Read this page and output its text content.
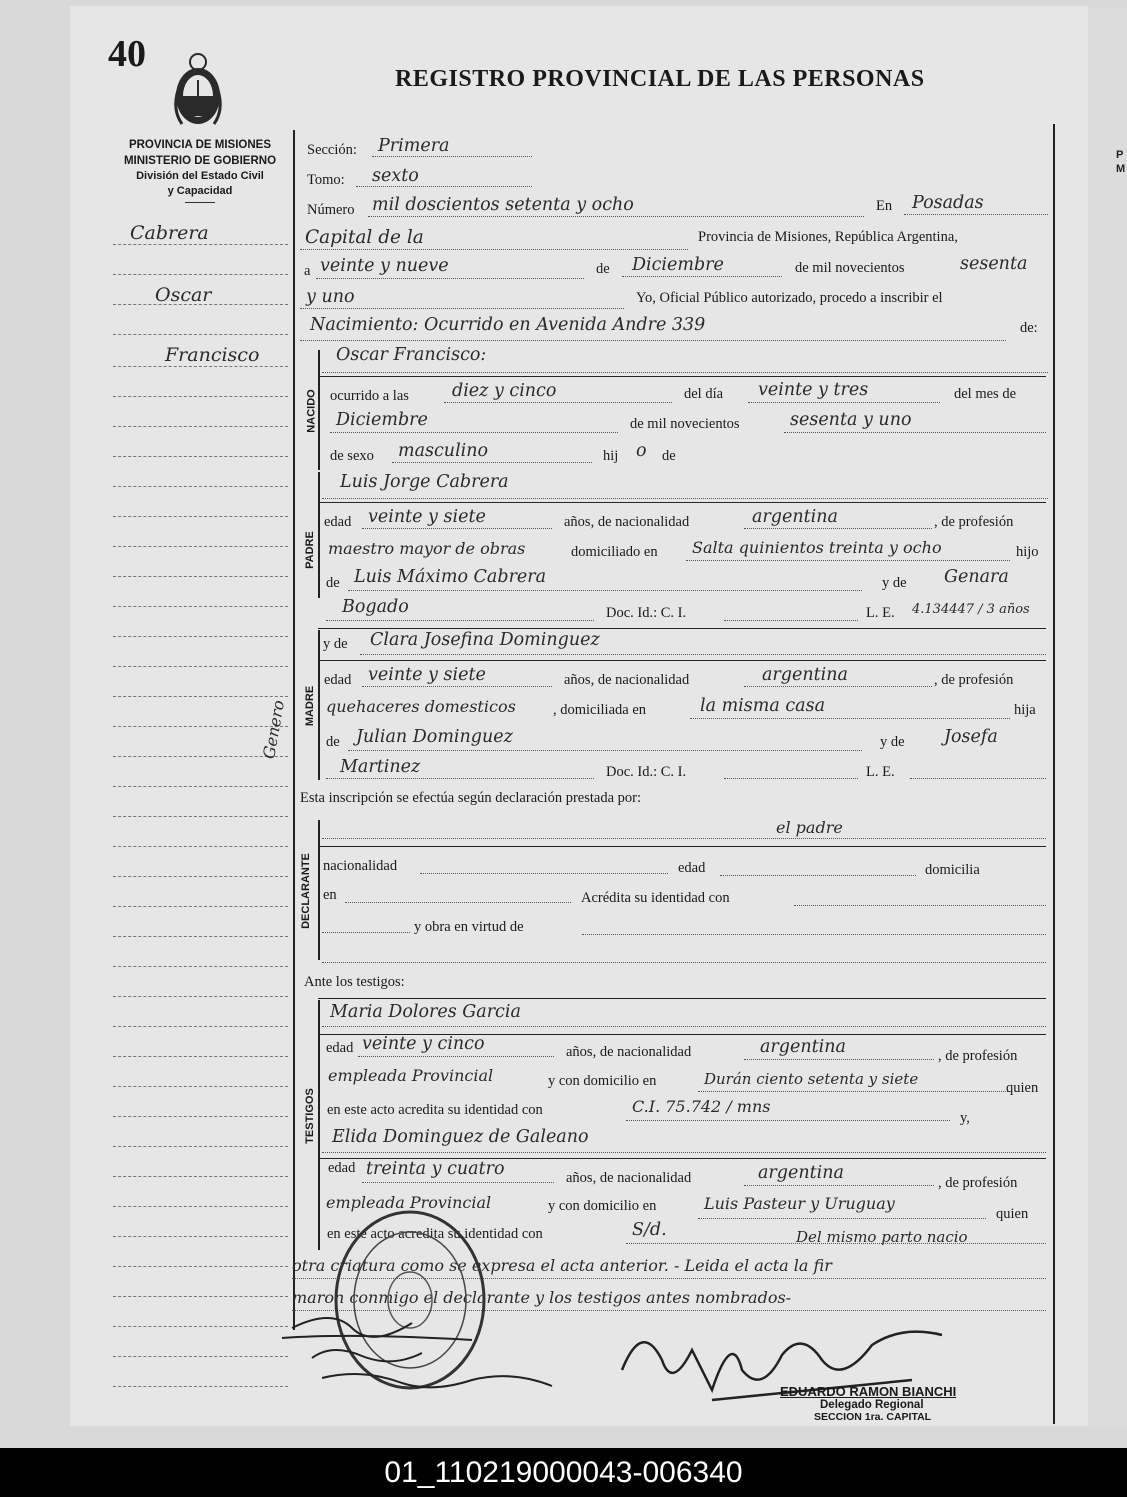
P
M
40
REGISTRO PROVINCIAL DE LAS PERSONAS
PROVINCIA DE MISIONES
MINISTERIO DE GOBIERNO
División del Estado Civil
y Capacidad
Cabrera
Oscar
Francisco
Genero
Sección: Primera
Tomo: sexto
Número mil doscientos setenta y ocho	En Posadas
Capital de la	Provincia de Misiones, República Argentina,
a veinte y nueve	de Diciembre	de mil novecientos	sesenta
y uno	Yo, Oficial Público autorizado, procedo a inscribir el
Nacimiento: Ocurrido en Avenida Andre 339	de:
NACIDO
Oscar Francisco:
ocurrido a las diez y cinco	del día veinte y tres	del mes de
Diciembre	de mil novecientos	sesenta y uno
de sexo masculino	hij o de
PADRE
Luis Jorge Cabrera
edad veinte y siete	años, de nacionalidad	argentina	, de profesión
maestro mayor de obras	domiciliado en Salta quinientos treinta y ocho	hijo
de Luis Máximo Cabrera	y de Genara
Bogado	Doc. Id.: C. I.	L. E. 4.134447 / 3 años
MADRE
y de Clara Josefina Dominguez
edad veinte y siete	años, de nacionalidad	argentina	, de profesión
quehaceres domesticos	, domiciliada en	la misma casa	hija
de Julian Dominguez	y de Josefa
Martinez	Doc. Id.: C. I.	L. E.
Esta inscripción se efectúa según declaración prestada por:
DECLARANTE
el padre
nacionalidad	edad	domicilia
en	Acrédita su identidad con
y obra en virtud de
Ante los testigos:
TESTIGOS
Maria Dolores Garcia
edad veinte y cinco	años, de nacionalidad	argentina	, de profesión
empleada Provincial	y con domicilio en	Durán ciento setenta y siete	quien
en este acto acredita su identidad con	C.I. 75.742 / mns
y,
Elida Dominguez de Galeano
edad treinta y cuatro	años, de nacionalidad	argentina	, de profesión
empleada Provincial	y con domicilio en	Luis Pasteur y Uruguay
quien
en este acto acredita su identidad con	S/d.	Del mismo parto nacio
otra criatura como se expresa el acta anterior. - Leida el acta la fir
maron conmigo el declarante y los testigos antes nombrados-
EDUARDO RAMON BIANCHI
Delegado Regional
SECCION 1ra. CAPITAL
01_110219000043-006340
